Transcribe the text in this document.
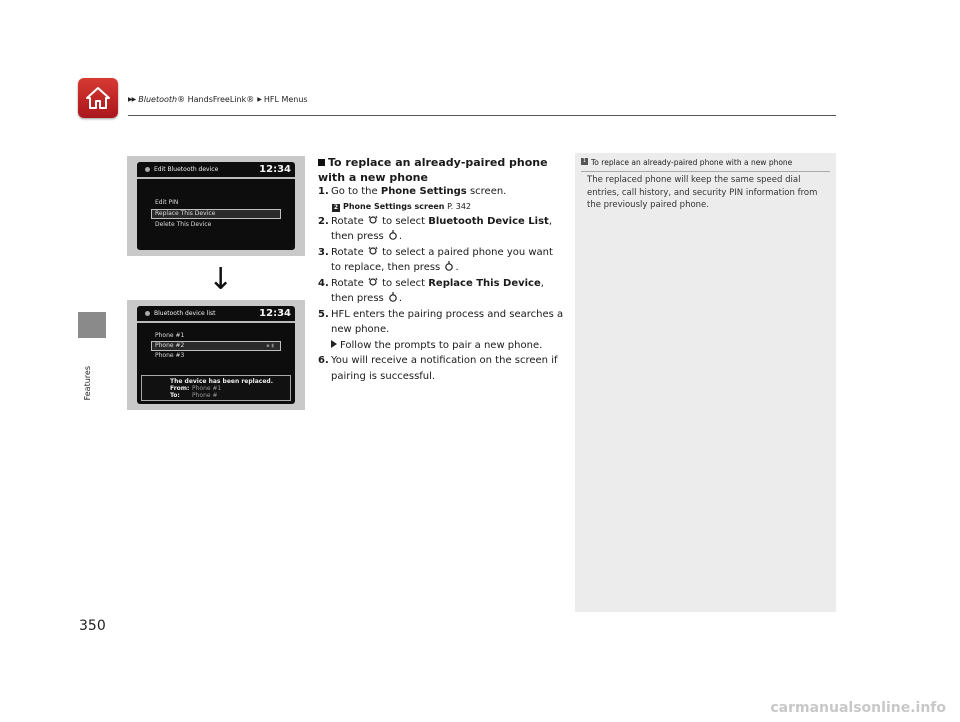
▶▶ Bluetooth® HandsFreeLink® ▶ HFL Menus
Features
350
Edit Bluetooth device	12:34
Edit PIN
Replace This Device
Delete This Device
↓
Bluetooth device list	12:34
Phone #1
Phone #2	▪ ▮
Phone #3
The device has been replaced.
From: Phone #1
To:	Phone #
To replace an already-paired phone with a new phone
1. Go to the Phone Settings screen.
2 Phone Settings screen P. 342
2. Rotate  to select Bluetooth Device List, then press .
3. Rotate  to select a paired phone you want to replace, then press .
4. Rotate  to select Replace This Device, then press .
5. HFL enters the pairing process and searches a new phone.
Follow the prompts to pair a new phone.
6. You will receive a notification on the screen if pairing is successful.
1 To replace an already-paired phone with a new phone
The replaced phone will keep the same speed dial entries, call history, and security PIN information from the previously paired phone.
carmanualsonline.info
